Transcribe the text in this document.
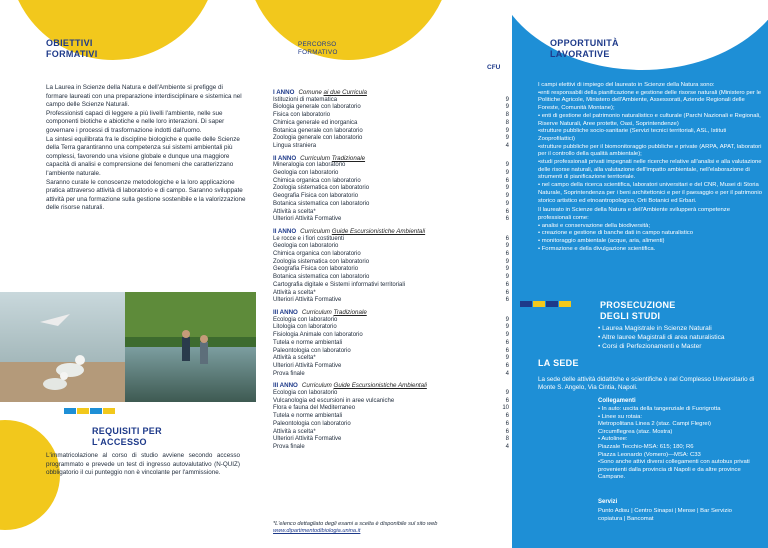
OBIETTIVI
FORMATIVI

La Laurea in Scienze della Natura e dell'Ambiente si prefigge di formare laureati con una preparazione interdisciplinare e sistemica nel campo delle Scienze Naturali.

Professionisti capaci di leggere a più livelli l'ambiente, nelle sue componenti biotiche e abiotiche e nelle loro interazioni. Di saper governare i processi di trasformazione indotti dall'uomo.

La sintesi equilibrata fra le discipline biologiche e quelle delle Scienze della Terra garantiranno una competenza sui sistemi ambientali più complessi, favorendo una visione globale e dunque una maggiore capacità di analisi e comprensione dei fenomeni che caratterizzano l'ambiente naturale.

Saranno curate le conoscenze metodologiche e la loro applicazione pratica attraverso attività di laboratorio e di campo. Saranno sviluppate attività per una formazione sulla gestione sostenibile e la valorizzazione delle risorse naturali.

REQUISITI PER
L'ACCESSO
L'immatricolazione al corso di studio avviene secondo accesso programmato e prevede un test di ingresso autovalutativo (N-QUIZ) obbligatorio il cui punteggio non è vincolante per l'ammissione.
PERCORSO
FORMATIVO
CFU
I ANNO Comune ai due Curricula
Istituzioni di matematica	9
Biologia generale con laboratorio	9
Fisica con laboratorio	8
Chimica generale ed inorganica	8
Botanica generale con laboratorio	9
Zoologia generale con laboratorio	9
Lingua straniera	4
II ANNO Curriculum Tradizionale
Mineralogia con laboratorio	9
Geologia con laboratorio	9
Chimica organica con laboratorio	6
Zoologia sistematica con laboratorio	9
Geografia Fisica con laboratorio	9
Botanica sistematica con laboratorio	9
Attività a scelta*	6
Ulteriori Attività Formative	6
II ANNO Curriculum Guide Escursionistiche Ambientali
Le rocce e i fiori costituenti	6
Geologia con laboratorio	9
Chimica organica con laboratorio	6
Zoologia sistematica con laboratorio	9
Geografia Fisica con laboratorio	9
Botanica sistematica con laboratorio	9
Cartografia digitale e Sistemi informativi territoriali	6
Attività a scelta*	6
Ulteriori Attività Formative	6
III ANNO Curriculum Tradizionale
Ecologia con laboratorio	9
Litologia con laboratorio	9
Fisiologia Animale con laboratorio	9
Tutela e norme ambientali	6
Paleontologia con laboratorio	6
Attività a scelta*	9
Ulteriori Attività Formative	6
Prova finale	4
III ANNO Curriculum Guide Escursionistiche Ambientali
Ecologia con laboratorio	9
Vulcanologia ed escursioni in aree vulcaniche	6
Flora e fauna del Mediterraneo	10
Tutela e norme ambientali	6
Paleontologia con laboratorio	6
Attività a scelta*	6
Ulteriori Attività Formative	8
Prova finale	4
*L'elenco dettagliato degli esami a scelta è disponibile sul sito web
www.dipartimentodibiologia.unina.it
OPPORTUNITÀ
LAVORATIVE
I campi elettivi di impiego del laureato in Scienze della Natura sono:
•enti responsabili della pianificazione e gestione delle risorse naturali (Ministero per le Politiche Agricole, Ministero dell'Ambiente, Assessorati, Aziende Regionali delle Foreste, Comunità Montane);
• enti di gestione del patrimonio naturalistico e culturale (Parchi Nazionali e Regionali, Riserve Naturali, Aree protette, Oasi, Soprintendenze)
•strutture pubbliche socio-sanitarie (Servizi tecnici territoriali, ASL, Istituti Zooprofilattici)
•strutture pubbliche per il biomonitoraggio pubbliche e private (ARPA, APAT, laboratori per il controllo della qualità ambientale);
•studi professionali privati impegnati nelle ricerche relative all'analisi e alla valutazione delle risorse naturali, alla valutazione dell'impatto ambientale, nell'elaborazione di strumenti di pianificazione territoriale.
• nel campo della ricerca scientifica, laboratori universitari e del CNR, Musei di Storia Naturale, Soprintendenza per i beni architettonici e per il paesaggio e per il patrimonio storico artistico ed etnoantropologico, Orti Botanici ed Erbari.
Il laureato in Scienze della Natura e dell'Ambiente svilupperà competenze professionali come:
• analisi e conservazione della biodiversità;
• creazione e gestione di banche dati in campo naturalistico
• monitoraggio ambientale (acque, aria, alimenti)
• Formazione e della divulgazione scientifica.
PROSECUZIONE
DEGLI STUDI
• Laurea Magistrale in Scienze Naturali
• Altre lauree Magistrali di area naturalistica
• Corsi di Perfezionamenti e Master
LA SEDE
La sede delle attività didattiche e scientifiche è nel Complesso Universitario di Monte S. Angelo, Via Cintia, Napoli.
Collegamenti
• In auto: uscita della tangenziale di Fuorigrotta
• Linee su rotaia:
Metropolitana Linea 2 (staz. Campi Flegrei)
Circumflegrea (staz. Mostra)
• Autolinee:
Piazzale Tecchio-MSA: 615; 180; R6
Piazza Leonardo (Vomero)—MSA: C33
•Sono anche attivi diversi collegamenti con autobus privati provenienti dalla provincia di Napoli e da altre province Campane.
Servizi
Punto Adisu | Centro Sinapsi | Mense | Bar Servizio copiatura | Bancomat
